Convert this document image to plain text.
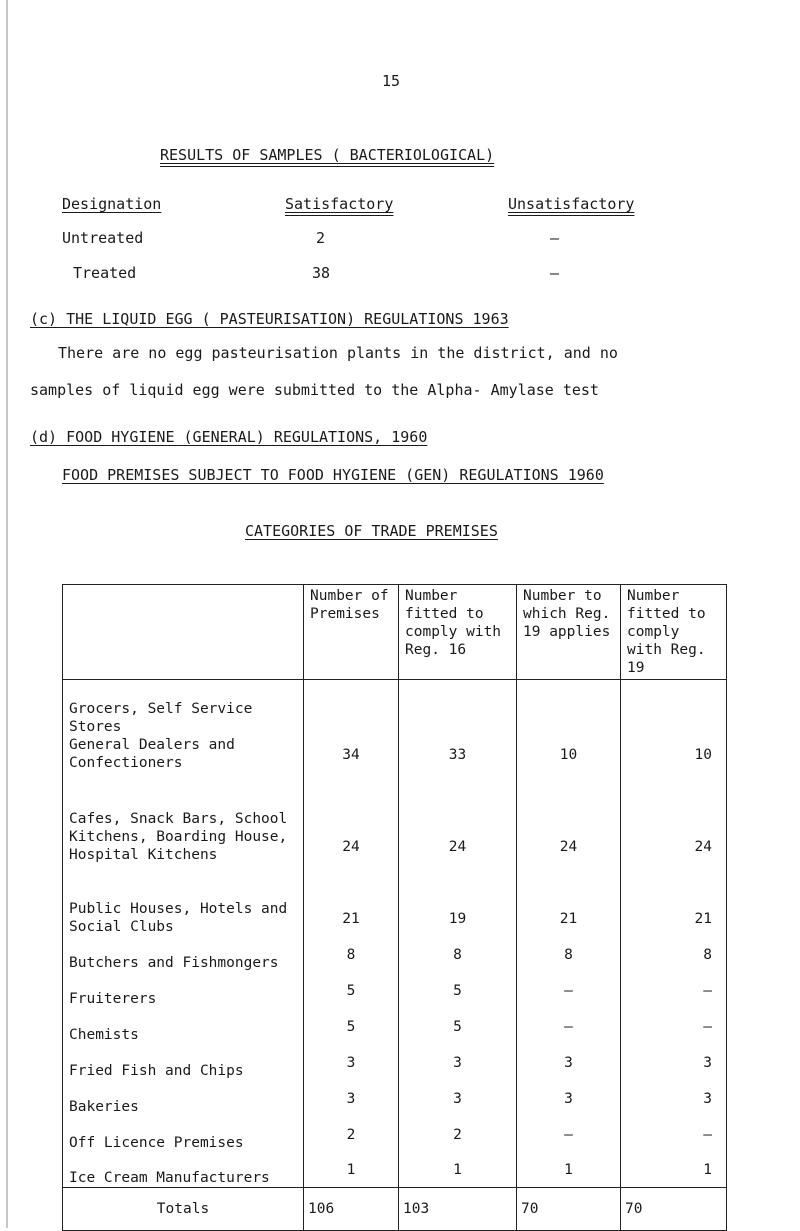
15
RESULTS OF SAMPLES ( BACTERIOLOGICAL)
Designation	Satisfactory	Unsatisfactory
Untreated	2	–
Treated	38	–
(c) THE LIQUID EGG ( PASTEURISATION) REGULATIONS 1963
There are no egg pasteurisation plants in the district, and no
samples of liquid egg were submitted to the Alpha- Amylase test
(d) FOOD HYGIENE (GENERAL) REGULATIONS, 1960
FOOD PREMISES SUBJECT TO FOOD HYGIENE (GEN) REGULATIONS 1960
CATEGORIES OF TRADE PREMISES
	Number of Premises	Number fitted to comply with Reg. 16	Number to which Reg. 19 applies	Number fitted to comply with Reg. 19

Grocers, Self Service Stores
General Dealers and
Confectioners	34	33	10	10

Cafes, Snack Bars, School
Kitchens, Boarding House,
Hospital Kitchens	24	24	24	24

Public Houses, Hotels and
Social Clubs	21	19	21	21

Butchers and Fishmongers	8	8	8	8

Fruiterers	5	5	–	–

Chemists	5	5	–	–

Fried Fish and Chips	3	3	3	3

Bakeries	3	3	3	3

Off Licence Premises	2	2	–	–

Ice Cream Manufacturers	1	1	1	1
Totals	106	103	70	70
